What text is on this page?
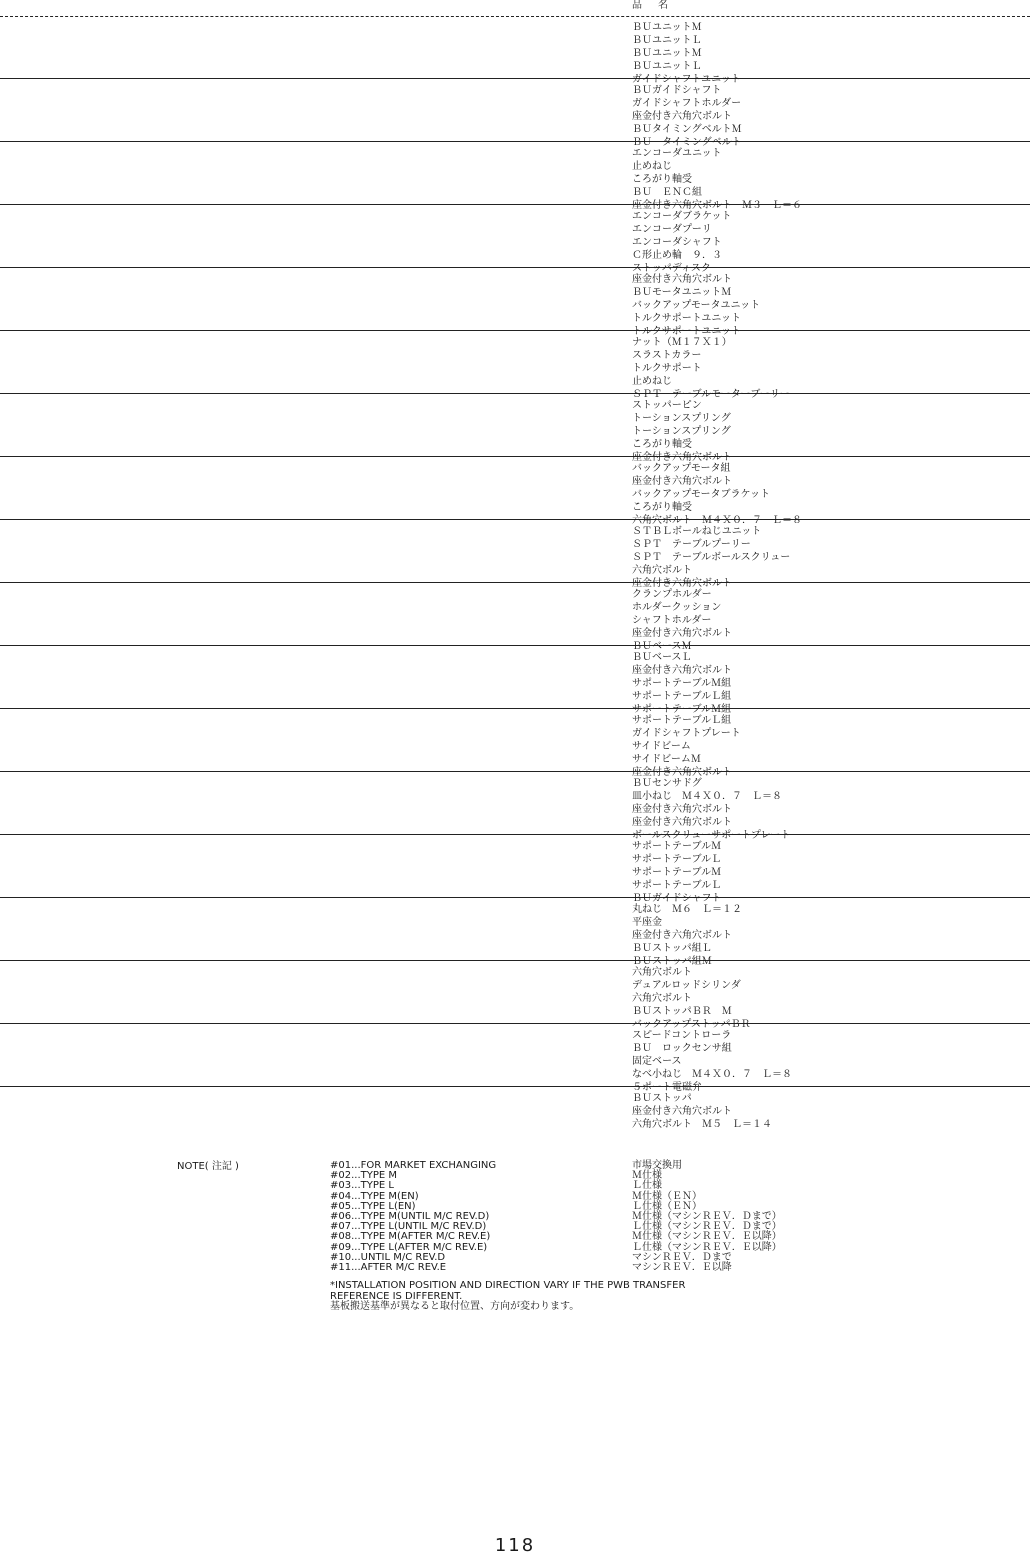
品　名
ＢＵユニットＭ
ＢＵユニットＬ
ＢＵユニットＭ
ＢＵユニットＬ
ガイドシャフトユニット
ＢＵガイドシャフト
ガイドシャフトホルダー
座金付き六角穴ボルト
ＢＵタイミングベルトＭ
ＢＵ　タイミングベルト
エンコーダユニット
止めねじ
ころがり軸受
ＢＵ　ＥＮＣ組
座金付き六角穴ボルト　Ｍ３　Ｌ＝６
エンコーダブラケット
エンコーダプーリ
エンコーダシャフト
Ｃ形止め輪　９．３
ストッパディスク
座金付き六角穴ボルト
ＢＵモータユニットＭ
バックアップモータユニット
トルクサポートユニット
トルクサポートユニット
ナット（Ｍ１７Ｘ１）
スラストカラー
トルクサポート
止めねじ
ＳＰＴ　テーブルモーターブーリー
ストッパーピン
トーションスプリング
トーションスプリング
ころがり軸受
座金付き六角穴ボルト
バックアップモータ組
座金付き六角穴ボルト
バックアップモータブラケット
ころがり軸受
六角穴ボルト　Ｍ４Ｘ０．７　Ｌ＝８
ＳＴＢＬボールねじユニット
ＳＰＴ　テーブルプーリー
ＳＰＴ　テーブルボールスクリュー
六角穴ボルト
座金付き六角穴ボルト
クランプホルダー
ホルダークッション
シャフトホルダー
座金付き六角穴ボルト
ＢＵベースＭ
ＢＵベースＬ
座金付き六角穴ボルト
サポートテーブルＭ組
サポートテーブルＬ組
サポートテーブルＭ組
サポートテーブルＬ組
ガイドシャフトプレート
サイドビーム
サイドビームＭ
座金付き六角穴ボルト
ＢＵセンサドグ
皿小ねじ　Ｍ４Ｘ０．７　Ｌ＝８
座金付き六角穴ボルト
座金付き六角穴ボルト
ボールスクリューサポートプレート
サポートテーブルＭ
サポートテーブルＬ
サポートテーブルＭ
サポートテーブルＬ
ＢＵガイドシャフト
丸ねじ　Ｍ６　Ｌ＝１２
平座金
座金付き六角穴ボルト
ＢＵストッパ組Ｌ
ＢＵストッパ組Ｍ
六角穴ボルト
デュアルロッドシリンダ
六角穴ボルト
ＢＵストッパＢＲ　Ｍ
バックアップストッパＢＲ
スピードコントローラ
ＢＵ　ロックセンサ組
固定ベース
なべ小ねじ　Ｍ４Ｘ０．７　Ｌ＝８
５ポート電磁弁
ＢＵストッパ
座金付き六角穴ボルト
六角穴ボルト　Ｍ５　Ｌ＝１４
NOTE( 注記 )	#01...FOR MARKET EXCHANGING
#02...TYPE M
#03...TYPE L
#04...TYPE M(EN)
#05...TYPE L(EN)
#06...TYPE M(UNTIL M/C REV.D)
#07...TYPE L(UNTIL M/C REV.D)
#08...TYPE M(AFTER M/C REV.E)
#09...TYPE L(AFTER M/C REV.E)
#10...UNTIL M/C REV.D
#11...AFTER M/C REV.E
市場交換用
Ｍ仕様
Ｌ仕様
Ｍ仕様（ＥＮ）
Ｌ仕様（ＥＮ）
Ｍ仕様（マシンＲＥＶ．Ｄまで）
Ｌ仕様（マシンＲＥＶ．Ｄまで）
Ｍ仕様（マシンＲＥＶ．Ｅ以降）
Ｌ仕様（マシンＲＥＶ．Ｅ以降）
マシンＲＥＶ．Ｄまで
マシンＲＥＶ．Ｅ以降
*INSTALLATION POSITION AND DIRECTION VARY IF THE PWB TRANSFER
REFERENCE IS DIFFERENT.
基板搬送基準が異なると取付位置、方向が変わります。
118
